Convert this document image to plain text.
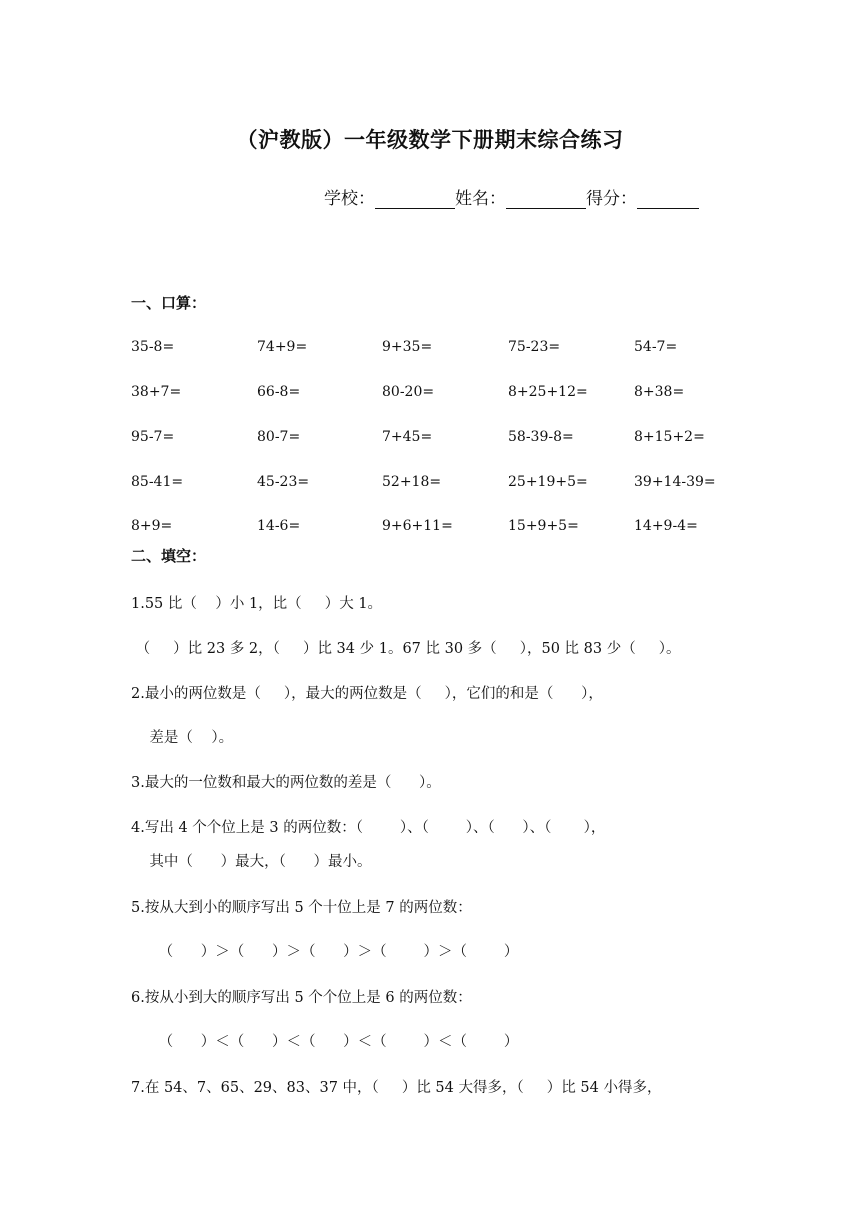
（沪教版）一年级数学下册期末综合练习
学校：	姓名：	得分：
一、口算：
35-8=	74+9=	9+35=	75-23=	54-7=
38+7=	66-8=	80-20=	8+25+12=	8+38=
95-7=	80-7=	7+45=	58-39-8=	8+15+2=
85-41=	45-23=	52+18=	25+19+5=	39+14-39=
8+9=	14-6=	9+6+11=	15+9+5=	14+9-4=
二、填空：
1.55 比（    ）小 1，比（     ）大 1。
（     ）比 23 多 2，（     ）比 34 少 1。67 比 30 多（     ），50 比 83 少（     ）。
2.最小的两位数是（     ），最大的两位数是（     ），它们的和是（      ），
差是（    ）。
3.最大的一位数和最大的两位数的差是（      ）。
4.写出 4 个个位上是 3 的两位数：（        ）、（        ）、（      ）、（       ），
其中（      ）最大，（      ）最小。
5.按从大到小的顺序写出 5 个十位上是 7 的两位数：
（      ）＞（      ）＞（      ）＞（        ）＞（        ）
6.按从小到大的顺序写出 5 个个位上是 6 的两位数：
（      ）＜（      ）＜（      ）＜（        ）＜（        ）
7.在 54、7、65、29、83、37 中，（     ）比 54 大得多，（     ）比 54 小得多，
